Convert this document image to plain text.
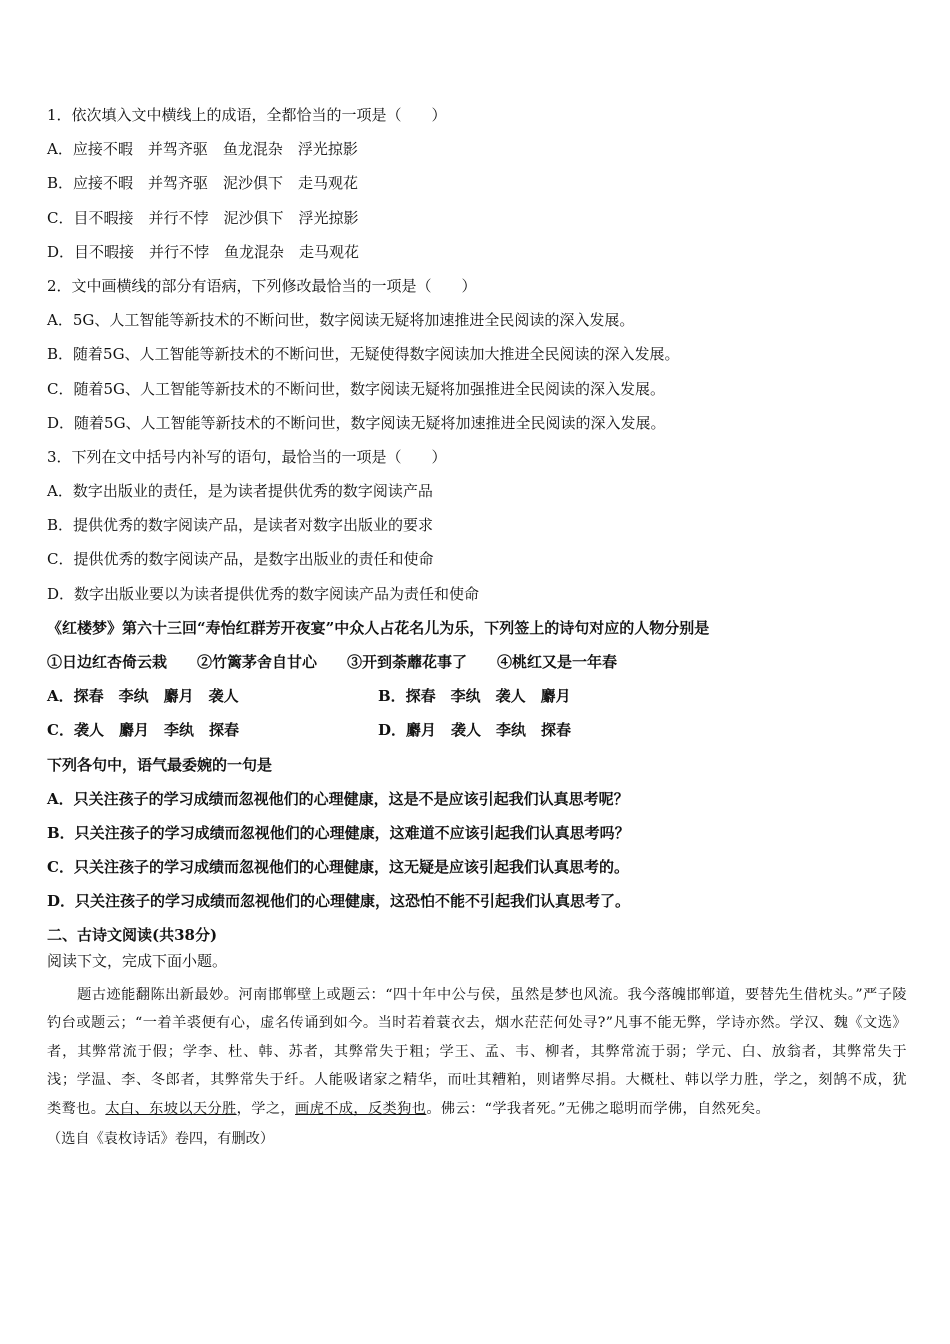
1．依次填入文中横线上的成语，全都恰当的一项是（　　）
A．应接不暇　并驾齐驱　鱼龙混杂　浮光掠影
B．应接不暇　并驾齐驱　泥沙俱下　走马观花
C．目不暇接　并行不悖　泥沙俱下　浮光掠影
D．目不暇接　并行不悖　鱼龙混杂　走马观花
2．文中画横线的部分有语病，下列修改最恰当的一项是（　　）
A．5G、人工智能等新技术的不断问世，数字阅读无疑将加速推进全民阅读的深入发展。
B．随着5G、人工智能等新技术的不断问世，无疑使得数字阅读加大推进全民阅读的深入发展。
C．随着5G、人工智能等新技术的不断问世，数字阅读无疑将加强推进全民阅读的深入发展。
D．随着5G、人工智能等新技术的不断问世，数字阅读无疑将加速推进全民阅读的深入发展。
3．下列在文中括号内补写的语句，最恰当的一项是（　　）
A．数字出版业的责任，是为读者提供优秀的数字阅读产品
B．提供优秀的数字阅读产品，是读者对数字出版业的要求
C．提供优秀的数字阅读产品，是数字出版业的责任和使命
D．数字出版业要以为读者提供优秀的数字阅读产品为责任和使命
《红楼梦》第六十三回“寿怡红群芳开夜宴”中众人占花名儿为乐，下列签上的诗句对应的人物分别是
①日边红杏倚云栽　　②竹篱茅舍自甘心　　③开到荼蘼花事了　　④桃红又是一年春
A．探春　李纨　麝月　袭人	B．探春　李纨　袭人　麝月
C．袭人　麝月　李纨　探春	D．麝月　袭人　李纨　探春
下列各句中，语气最委婉的一句是
A．只关注孩子的学习成绩而忽视他们的心理健康，这是不是应该引起我们认真思考呢？
B．只关注孩子的学习成绩而忽视他们的心理健康，这难道不应该引起我们认真思考吗？
C．只关注孩子的学习成绩而忽视他们的心理健康，这无疑是应该引起我们认真思考的。
D．只关注孩子的学习成绩而忽视他们的心理健康，这恐怕不能不引起我们认真思考了。
二、古诗文阅读(共38分)
阅读下文，完成下面小题。
题古迹能翻陈出新最妙。河南邯郸壁上或题云：“四十年中公与侯，虽然是梦也风流。我今落魄邯郸道，要替先生借枕头。”严子陵钓台或题云；“一着羊裘便有心，虚名传诵到如今。当时若着蓑衣去，烟水茫茫何处寻?”凡事不能无弊，学诗亦然。学汉、魏《文选》者，其弊常流于假；学李、杜、韩、苏者，其弊常失于粗；学王、孟、韦、柳者，其弊常流于弱；学元、白、放翁者，其弊常失于浅；学温、李、冬郎者，其弊常失于纤。人能吸诸家之精华，而吐其糟粕，则诸弊尽捐。大概杜、韩以学力胜，学之，刻鹄不成，犹类鹜也。太白、东坡以天分胜，学之，画虎不成，反类狗也。佛云：“学我者死。”无佛之聪明而学佛，自然死矣。
（选自《袁枚诗话》卷四，有删改）
